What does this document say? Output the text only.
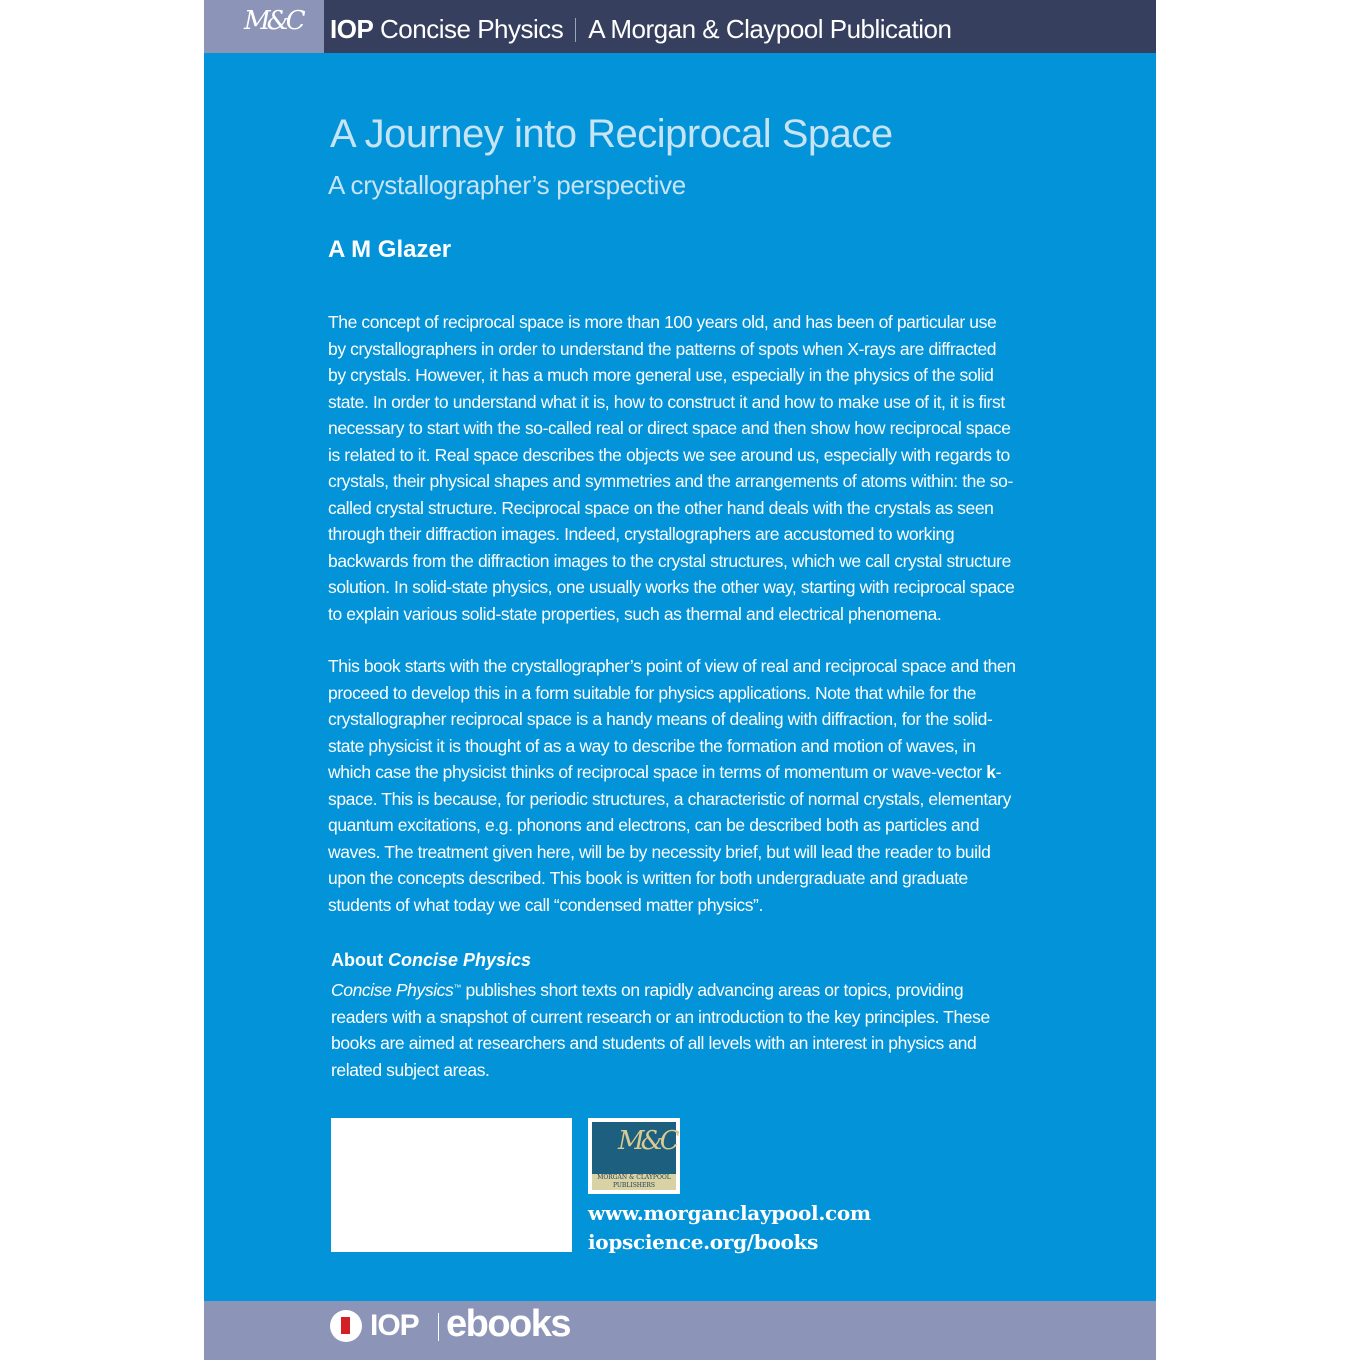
M&C IOP Concise Physics A Morgan & Claypool Publication
A Journey into Reciprocal Space
A crystallographer’s perspective
A M Glazer

The concept of reciprocal space is more than 100 years old, and has been of particular use by crystallographers in order to understand the patterns of spots when X-rays are diffracted by crystals. However, it has a much more general use, especially in the physics of the solid state. In order to understand what it is, how to construct it and how to make use of it, it is first necessary to start with the so-called real or direct space and then show how reciprocal space is related to it. Real space describes the objects we see around us, especially with regards to crystals, their physical shapes and symmetries and the arrangements of atoms within: the so-called crystal structure. Reciprocal space on the other hand deals with the crystals as seen through their diffraction images. Indeed, crystallographers are accustomed to working backwards from the diffraction images to the crystal structures, which we call crystal structure solution. In solid-state physics, one usually works the other way, starting with reciprocal space to explain various solid-state properties, such as thermal and electrical phenomena.

This book starts with the crystallographer’s point of view of real and reciprocal space and then proceed to develop this in a form suitable for physics applications. Note that while for the crystallographer reciprocal space is a handy means of dealing with diffraction, for the solid-state physicist it is thought of as a way to describe the formation and motion of waves, in which case the physicist thinks of reciprocal space in terms of momentum or wave-vector k-space. This is because, for periodic structures, a characteristic of normal crystals, elementary quantum excitations, e.g. phonons and electrons, can be described both as particles and waves. The treatment given here, will be by necessity brief, but will lead the reader to build upon the concepts described. This book is written for both undergraduate and graduate students of what today we call “condensed matter physics”.

About Concise Physics

Concise Physics™ publishes short texts on rapidly advancing areas or topics, providing readers with a snapshot of current research or an introduction to the key principles. These books are aimed at researchers and students of all levels with an interest in physics and related subject areas.

M&C
MORGAN & CLAYPOOL PUBLISHERS
www.morganclaypool.com
iopscience.org/books
IOP ebooks
